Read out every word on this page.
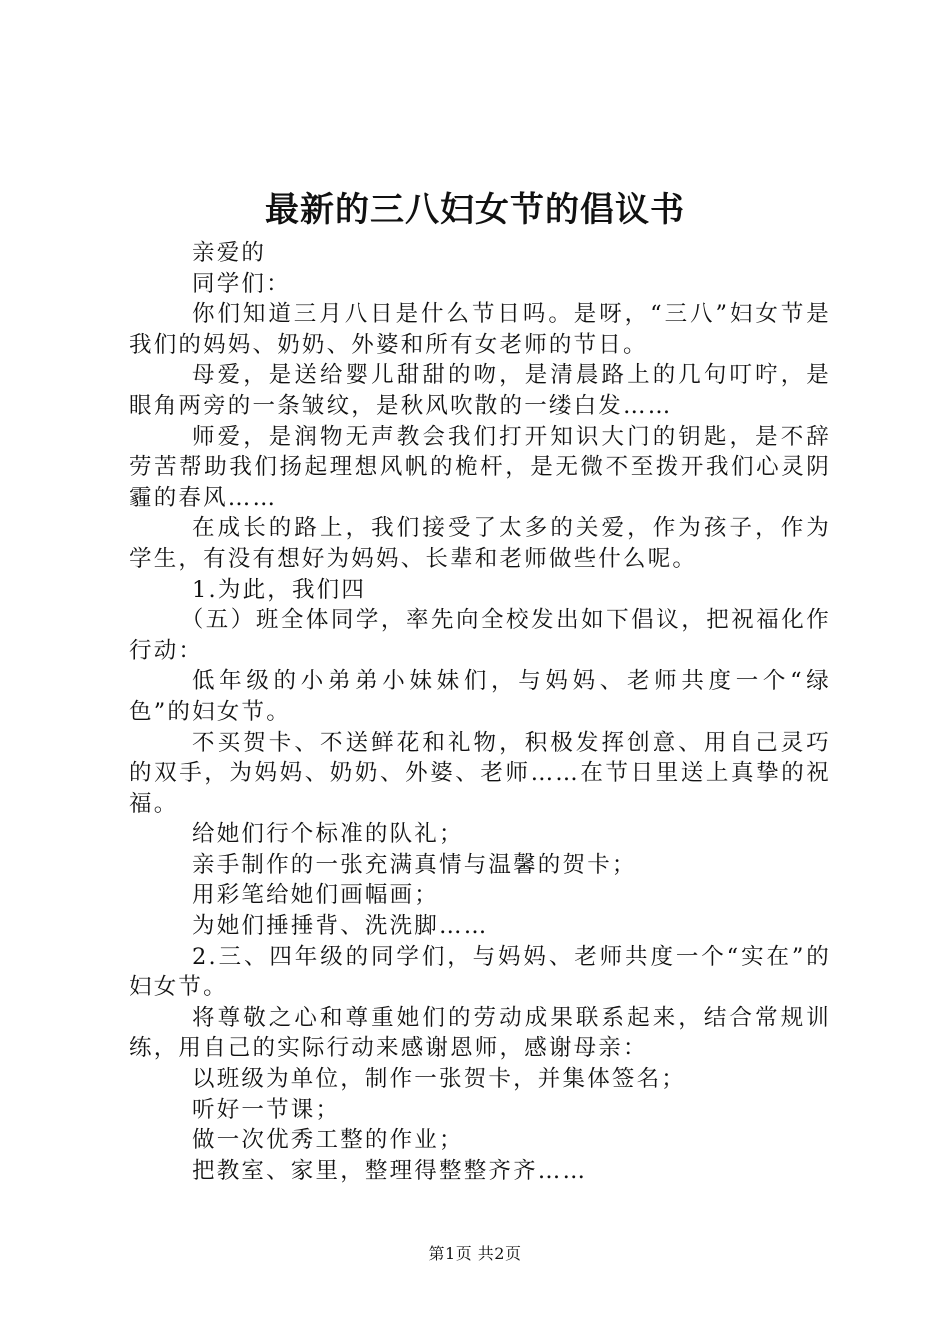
最新的三八妇女节的倡议书

亲爱的

同学们：

你们知道三月八日是什么节日吗。是呀，“三八”妇女节是我们的妈妈、奶奶、外婆和所有女老师的节日。

母爱，是送给婴儿甜甜的吻，是清晨路上的几句叮咛，是眼角两旁的一条皱纹，是秋风吹散的一缕白发……

师爱，是润物无声教会我们打开知识大门的钥匙，是不辞劳苦帮助我们扬起理想风帆的桅杆，是无微不至拨开我们心灵阴霾的春风……

在成长的路上，我们接受了太多的关爱，作为孩子，作为学生，有没有想好为妈妈、长辈和老师做些什么呢。

1.为此，我们四

（五）班全体同学，率先向全校发出如下倡议，把祝福化作行动：

低年级的小弟弟小妹妹们，与妈妈、老师共度一个“绿色”的妇女节。

不买贺卡、不送鲜花和礼物，积极发挥创意、用自己灵巧的双手，为妈妈、奶奶、外婆、老师……在节日里送上真挚的祝福。

给她们行个标准的队礼；

亲手制作的一张充满真情与温馨的贺卡；

用彩笔给她们画幅画；

为她们捶捶背、洗洗脚……

2.三、四年级的同学们，与妈妈、老师共度一个“实在”的妇女节。

将尊敬之心和尊重她们的劳动成果联系起来，结合常规训练，用自己的实际行动来感谢恩师，感谢母亲：

以班级为单位，制作一张贺卡，并集体签名；

听好一节课；

做一次优秀工整的作业；

把教室、家里，整理得整整齐齐……

第1页 共2页
